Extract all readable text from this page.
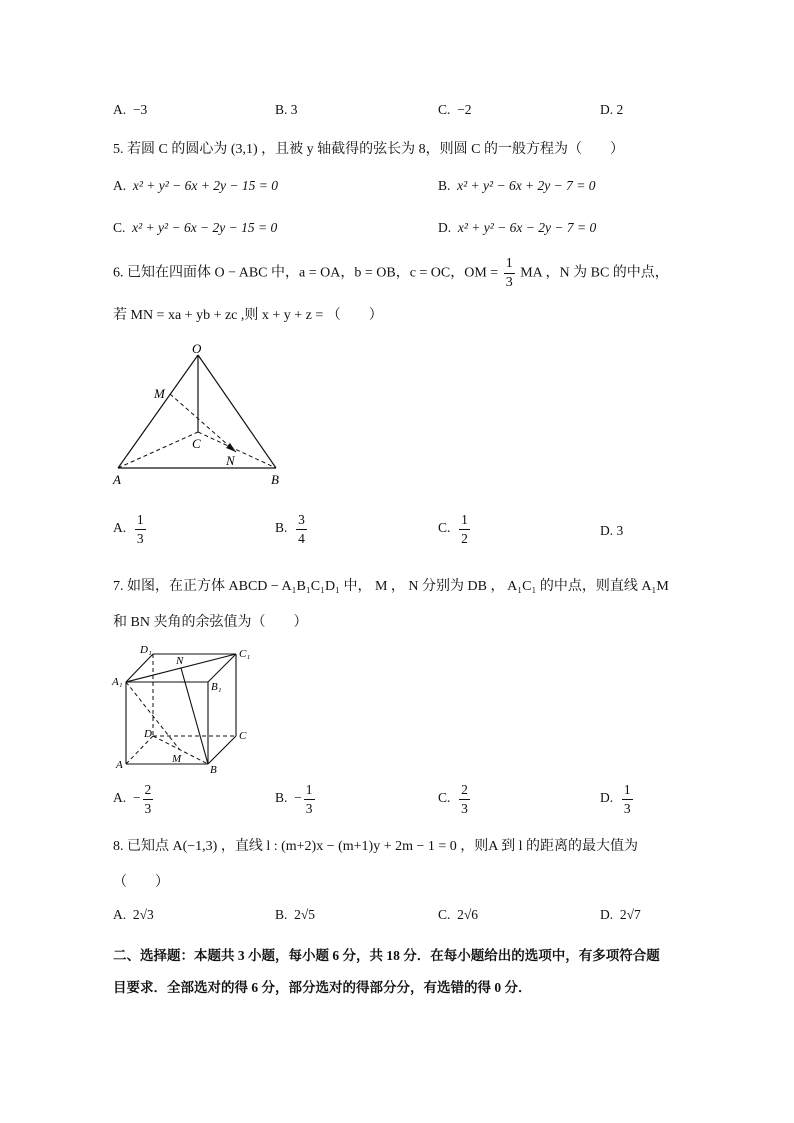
A. −3	B. 3	C. −2	D. 2
5. 若圆 C 的圆心为 (3,1) ，且被 y 轴截得的弦长为 8，则圆 C 的一般方程为（　　）
A. x² + y² − 6x + 2y − 15 = 0	B. x² + y² − 6x + 2y − 7 = 0
C. x² + y² − 6x − 2y − 15 = 0	D. x² + y² − 6x − 2y − 7 = 0
6. 已知在四面体 O − ABC 中，a = OA，b = OB，c = OC，OM = $\frac{1}{3}$ MA ，N 为 BC 的中点，
若 MN = xa + yb + zc ,则 x + y + z = （　　）
O
M
C
N
A	B
A. $\frac{1}{3}$	B. $\frac{3}{4}$	C. $\frac{1}{2}$	D. 3
7. 如图，在正方体 ABCD − A₁B₁C₁D₁ 中， M ， N 分别为 DB ， A₁C₁ 的中点，则直线 A₁M
和 BN 夹角的余弦值为（　　）
D₁
N
C₁
A₁	B₁
D	C
M
A	B
A. − $\frac{2}{3}$	B. − $\frac{1}{3}$	C. $\frac{2}{3}$	D. $\frac{1}{3}$
8. 已知点 A(−1,3) ，直线 l : (m+2)x − (m+1)y + 2m − 1 = 0 ，则A 到 l 的距离的最大值为
（　　）
A. 2√3	B. 2√5	C. 2√6	D. 2√7
二、选择题：本题共 3 小题，每小题 6 分，共 18 分．在每小题给出的选项中，有多项符合题
目要求．全部选对的得 6 分，部分选对的得部分分，有选错的得 0 分．
